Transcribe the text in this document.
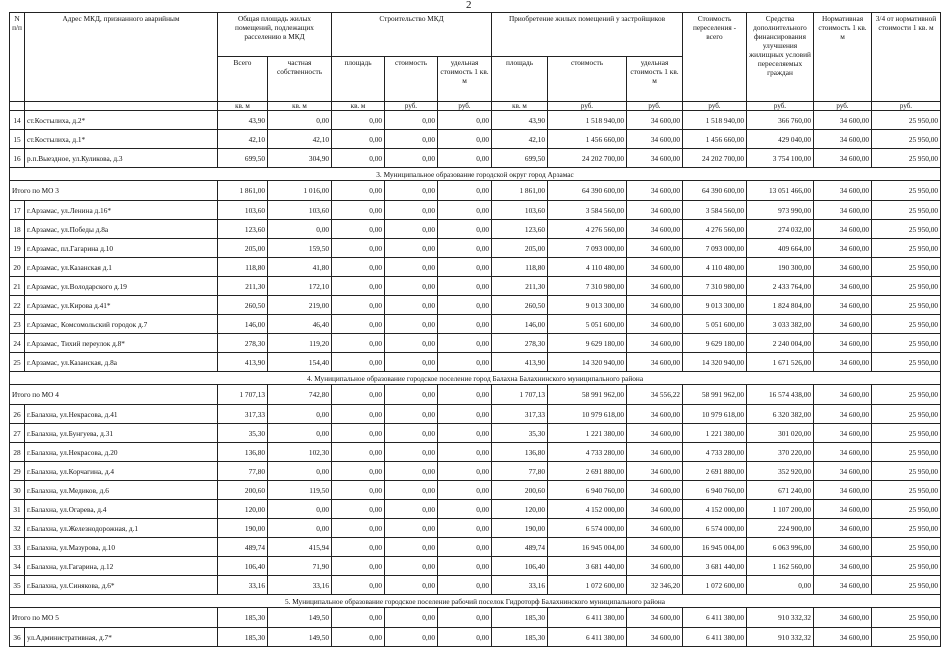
2
N п/п	Адрес МКД, признанного аварийным	Общая площадь жилых помещений, подлежащих расселению в МКД		Строительство МКД			Приобретение жилых помещений у застройщиков			Стоимость переселения - всего	Средства дополнительного финансирования улучшения жилищных условий переселяемых граждан	Нормативная стоимость 1 кв. м	3/4 от нормативной стоимости 1 кв. м
		Всего	частная собственность	площадь	стоимость	удельная стоимость 1 кв. м	площадь	стоимость	удельная стоимость 1 кв. м				
		кв. м	кв. м	кв. м	руб.	руб.	кв. м	руб.	руб.	руб.	руб.	руб.	руб.
14	ст.Костылиха, д.2*	43,90	0,00	0,00	0,00	0,00	43,90	1 518 940,00	34 600,00	1 518 940,00	366 760,00	34 600,00	25 950,00
15	ст.Костылиха, д.1*	42,10	42,10	0,00	0,00	0,00	42,10	1 456 660,00	34 600,00	1 456 660,00	429 040,00	34 600,00	25 950,00
16	р.п.Выездное, ул.Куликова, д.3	699,50	304,90	0,00	0,00	0,00	699,50	24 202 700,00	34 600,00	24 202 700,00	3 754 100,00	34 600,00	25 950,00
3. Муниципальное образование городской округ город Арзамас													
Итого по МО 3		1 861,00	1 016,00	0,00	0,00	0,00	1 861,00	64 390 600,00	34 600,00	64 390 600,00	13 051 466,00	34 600,00	25 950,00
17	г.Арзамас, ул.Ленина д.16*	103,60	103,60	0,00	0,00	0,00	103,60	3 584 560,00	34 600,00	3 584 560,00	973 990,00	34 600,00	25 950,00
18	г.Арзамас, ул.Победы д.8а	123,60	0,00	0,00	0,00	0,00	123,60	4 276 560,00	34 600,00	4 276 560,00	274 032,00	34 600,00	25 950,00
19	г.Арзамас, пл.Гагарина д.10	205,00	159,50	0,00	0,00	0,00	205,00	7 093 000,00	34 600,00	7 093 000,00	409 664,00	34 600,00	25 950,00
20	г.Арзамас, ул.Казанская д.1	118,80	41,80	0,00	0,00	0,00	118,80	4 110 480,00	34 600,00	4 110 480,00	190 300,00	34 600,00	25 950,00
21	г.Арзамас, ул.Володарского д.19	211,30	172,10	0,00	0,00	0,00	211,30	7 310 980,00	34 600,00	7 310 980,00	2 433 764,00	34 600,00	25 950,00
22	г.Арзамас, ул.Кирова д.41*	260,50	219,00	0,00	0,00	0,00	260,50	9 013 300,00	34 600,00	9 013 300,00	1 824 804,00	34 600,00	25 950,00
23	г.Арзамас, Комсомольский городок д.7	146,00	46,40	0,00	0,00	0,00	146,00	5 051 600,00	34 600,00	5 051 600,00	3 033 382,00	34 600,00	25 950,00
24	г.Арзамас, Тихий переулок д.8*	278,30	119,20	0,00	0,00	0,00	278,30	9 629 180,00	34 600,00	9 629 180,00	2 240 004,00	34 600,00	25 950,00
25	г.Арзамас, ул.Казанская, д.8а	413,90	154,40	0,00	0,00	0,00	413,90	14 320 940,00	34 600,00	14 320 940,00	1 671 526,00	34 600,00	25 950,00
4. Муниципальное образование городское поселение город Балахна Балахнинского муниципального района													
Итого по МО 4		1 707,13	742,80	0,00	0,00	0,00	1 707,13	58 991 962,00	34 556,22	58 991 962,00	16 574 438,00	34 600,00	25 950,00
26	г.Балахна, ул.Некрасова, д.41	317,33	0,00	0,00	0,00	0,00	317,33	10 979 618,00	34 600,00	10 979 618,00	6 320 382,00	34 600,00	25 950,00
27	г.Балахна, ул.Бунгуева, д.31	35,30	0,00	0,00	0,00	0,00	35,30	1 221 380,00	34 600,00	1 221 380,00	301 020,00	34 600,00	25 950,00
28	г.Балахна, ул.Некрасова, д.20	136,80	102,30	0,00	0,00	0,00	136,80	4 733 280,00	34 600,00	4 733 280,00	370 220,00	34 600,00	25 950,00
29	г.Балахна, ул.Корчагина, д.4	77,80	0,00	0,00	0,00	0,00	77,80	2 691 880,00	34 600,00	2 691 880,00	352 920,00	34 600,00	25 950,00
30	г.Балахна, ул.Медиков, д.6	200,60	119,50	0,00	0,00	0,00	200,60	6 940 760,00	34 600,00	6 940 760,00	671 240,00	34 600,00	25 950,00
31	г.Балахна, ул.Огарева, д.4	120,00	0,00	0,00	0,00	0,00	120,00	4 152 000,00	34 600,00	4 152 000,00	1 107 200,00	34 600,00	25 950,00
32	г.Балахна, ул.Железнодорожная, д.1	190,00	0,00	0,00	0,00	0,00	190,00	6 574 000,00	34 600,00	6 574 000,00	224 900,00	34 600,00	25 950,00
33	г.Балахна, ул.Мазурова, д.10	489,74	415,94	0,00	0,00	0,00	489,74	16 945 004,00	34 600,00	16 945 004,00	6 063 996,00	34 600,00	25 950,00
34	г.Балахна, ул.Гагарина, д.12	106,40	71,90	0,00	0,00	0,00	106,40	3 681 440,00	34 600,00	3 681 440,00	1 162 560,00	34 600,00	25 950,00
35	г.Балахна, ул.Синякова, д.6*	33,16	33,16	0,00	0,00	0,00	33,16	1 072 600,00	32 346,20	1 072 600,00	0,00	34 600,00	25 950,00
5. Муниципальное образование городское поселение рабочий поселок Гидроторф Балахнинского муниципального района													
Итого по МО 5		185,30	149,50	0,00	0,00	0,00	185,30	6 411 380,00	34 600,00	6 411 380,00	910 332,32	34 600,00	25 950,00
36	ул.Административная, д.7*	185,30	149,50	0,00	0,00	0,00	185,30	6 411 380,00	34 600,00	6 411 380,00	910 332,32	34 600,00	25 950,00
